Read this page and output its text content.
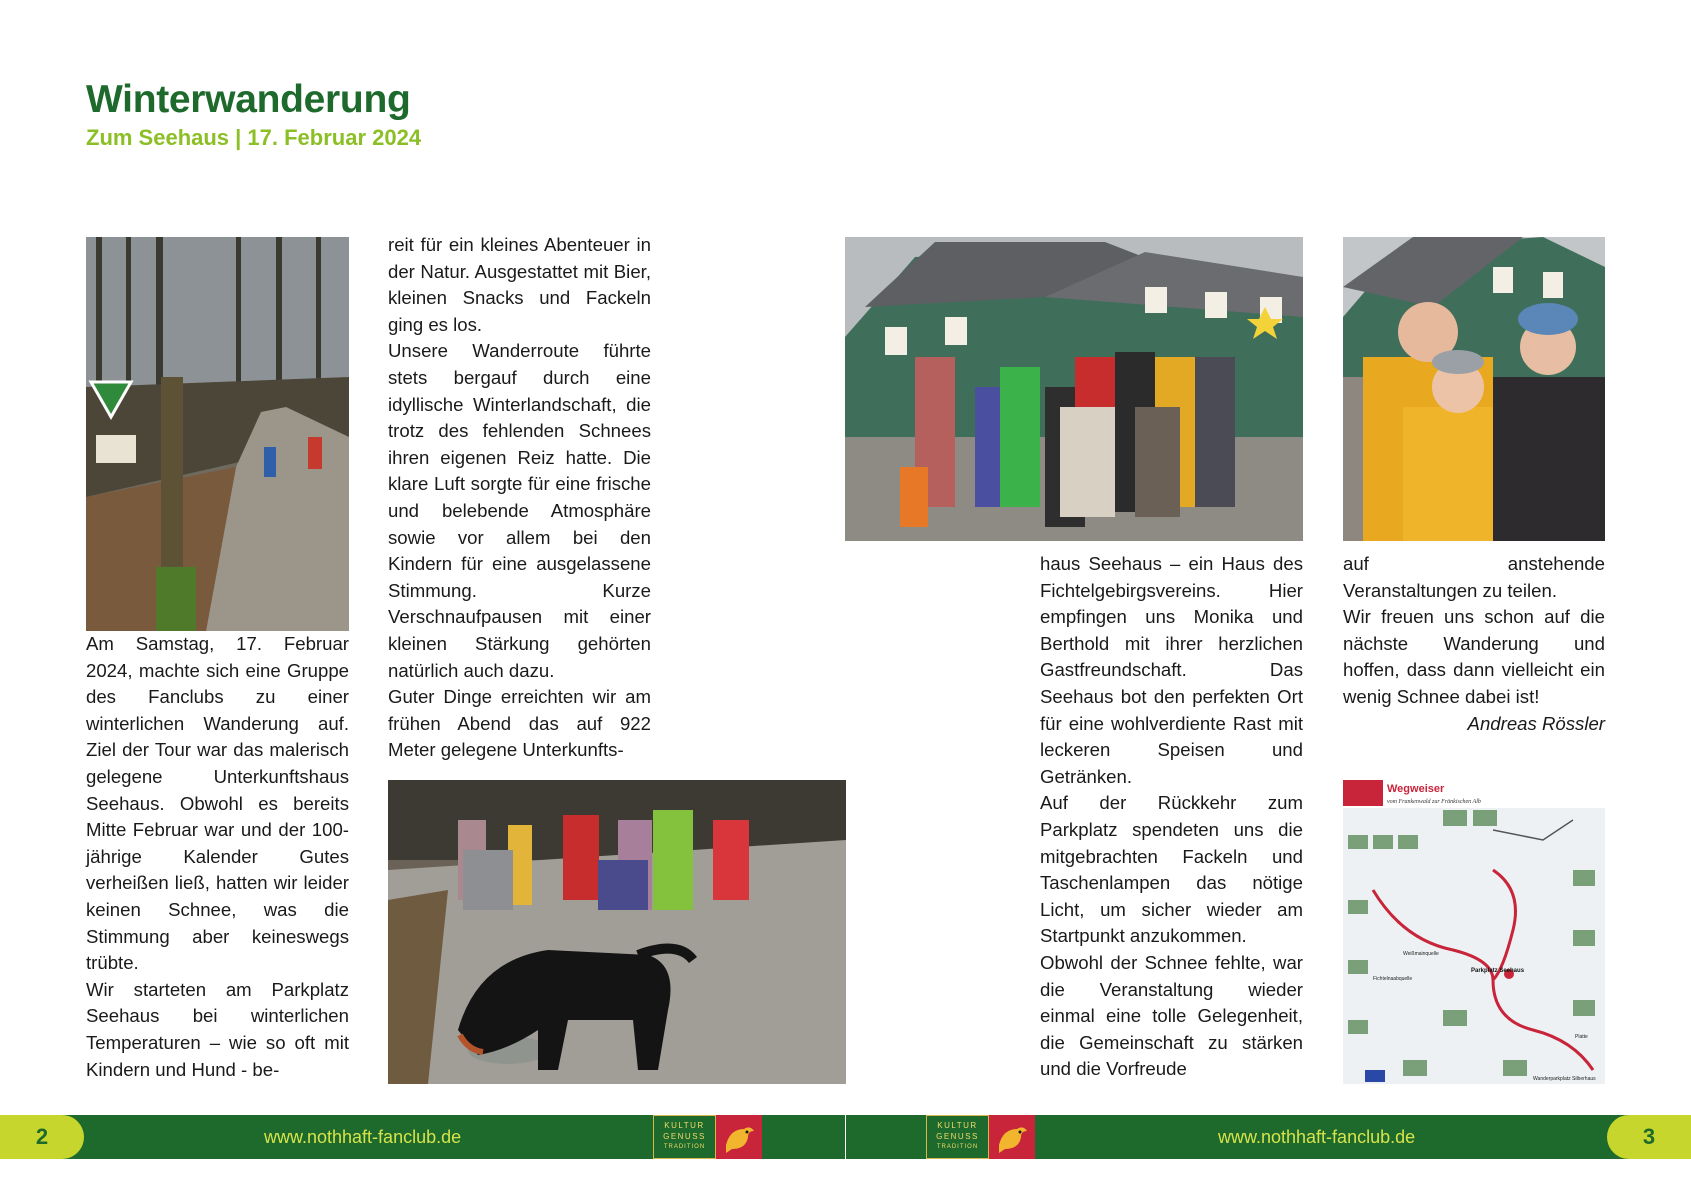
Winterwanderung
Zum Seehaus | 17. Februar 2024
Wegweiser
vom Frankenwald zur Fränkischen Alb
Parkplatz Seehaus
Fichtelnaabquelle
Weißmainquelle
Wanderparkplatz Silberhaus
Platte

Am Samstag, 17. Februar 2024, machte sich eine Gruppe des Fanclubs zu einer winterlichen Wanderung auf. Ziel der Tour war das malerisch gelegene Unterkunftshaus Seehaus. Obwohl es bereits Mitte Februar war und der 100-jährige Kalender Gutes verheißen ließ, hatten wir leider keinen Schnee, was die Stimmung aber keineswegs trübte.

Wir starteten am Parkplatz Seehaus bei winterlichen Temperaturen – wie so oft mit Kindern und Hund - be-

reit für ein kleines Abenteuer in der Natur. Ausgestattet mit Bier, kleinen Snacks und Fackeln ging es los.

Unsere Wanderroute führte stets bergauf durch eine idyllische Winterlandschaft, die trotz des fehlenden Schnees ihren eigenen Reiz hatte. Die klare Luft sorgte für eine frische und belebende Atmosphäre sowie vor allem bei den Kindern für eine ausgelassene Stimmung. Kurze Verschnaufpausen mit einer kleinen Stärkung gehörten natürlich auch dazu.

Guter Dinge erreichten wir am frühen Abend das auf 922 Meter gelegene Unterkunfts-

haus Seehaus – ein Haus des Fichtelgebirgsvereins. Hier empfingen uns Monika und Berthold mit ihrer herzlichen Gastfreundschaft. Das Seehaus bot den perfekten Ort für eine wohlverdiente Rast mit leckeren Speisen und Getränken.

Auf der Rückkehr zum Parkplatz spendeten uns die mitgebrachten Fackeln und Taschenlampen das nötige Licht, um sicher wieder am Startpunkt anzukommen.

Obwohl der Schnee fehlte, war die Veranstaltung wieder einmal eine tolle Gelegenheit, die Gemeinschaft zu stärken und die Vorfreude

auf anstehende Veranstaltungen zu teilen.

Wir freuen uns schon auf die nächste Wanderung und hoffen, dass dann vielleicht ein wenig Schnee dabei ist!

Andreas Rössler

2	3
www.nothhaft-fanclub.de	www.nothhaft-fanclub.de
KULTUR
GENUSS
TRADITION
KULTUR
GENUSS
TRADITION
